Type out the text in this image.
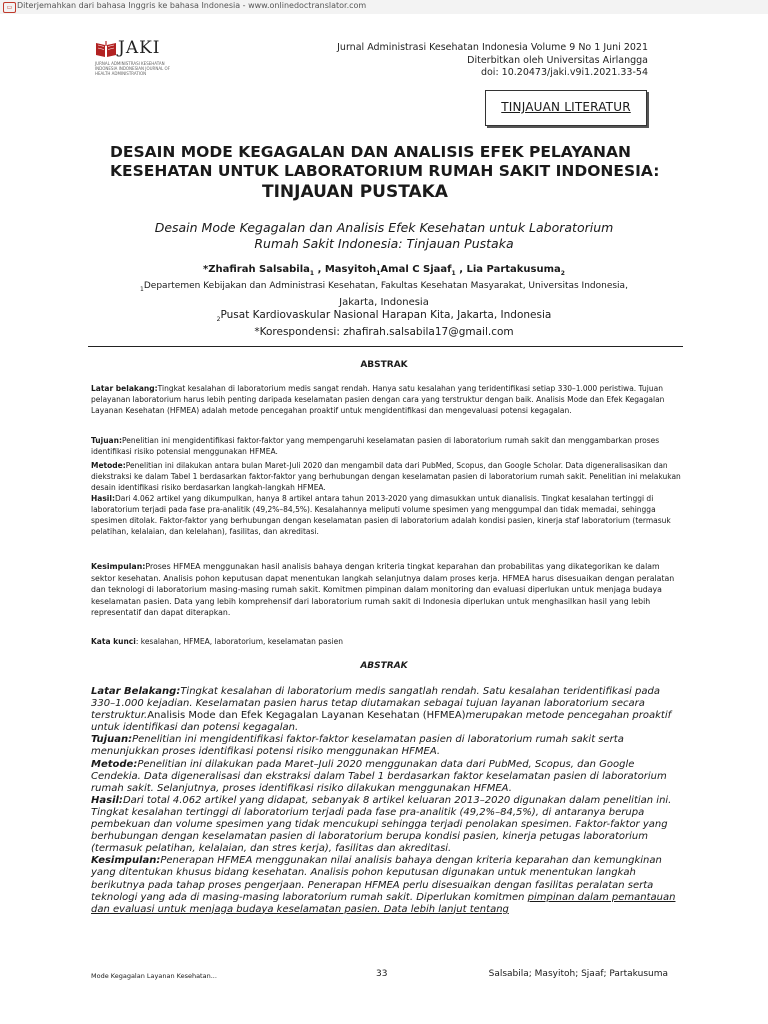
▭ Diterjemahkan dari bahasa Inggris ke bahasa Indonesia - www.onlinedoctranslator.com
JAKI
JURNAL ADMINISTRASI KESEHATAN INDONESIA INDONESIAN JOURNAL OF HEALTH ADMINISTRATION
Jurnal Administrasi Kesehatan Indonesia Volume 9 No 1 Juni 2021
Diterbitkan oleh Universitas Airlangga
doi: 10.20473/jaki.v9i1.2021.33-54
TINJAUAN LITERATUR
DESAIN MODE KEGAGALAN DAN ANALISIS EFEK PELAYANAN
KESEHATAN UNTUK LABORATORIUM RUMAH SAKIT INDONESIA:

TINJAUAN PUSTAKA
Desain Mode Kegagalan dan Analisis Efek Kesehatan untuk Laboratorium
Rumah Sakit Indonesia: Tinjauan Pustaka
*Zhafirah Salsabila$_1$ , Masyitoh$_1$Amal C Sjaaf$_1$ , Lia Partakusuma$_2$
$_1$Departemen Kebijakan dan Administrasi Kesehatan, Fakultas Kesehatan Masyarakat, Universitas Indonesia,
Jakarta, Indonesia
$_2$Pusat Kardiovaskular Nasional Harapan Kita, Jakarta, Indonesia
*Korespondensi: zhafirah.salsabila17@gmail.com
ABSTRAK
Latar belakang:Tingkat kesalahan di laboratorium medis sangat rendah. Hanya satu kesalahan yang teridentifikasi setiap 330–1.000 peristiwa. Tujuan pelayanan laboratorium harus lebih penting daripada keselamatan pasien dengan cara yang terstruktur dengan baik. Analisis Mode dan Efek Kegagalan Layanan Kesehatan (HFMEA) adalah metode pencegahan proaktif untuk mengidentifikasi dan mengevaluasi potensi kegagalan.
Tujuan:Penelitian ini mengidentifikasi faktor-faktor yang mempengaruhi keselamatan pasien di laboratorium rumah sakit dan menggambarkan proses identifikasi risiko potensial menggunakan HFMEA.
Metode:Penelitian ini dilakukan antara bulan Maret-Juli 2020 dan mengambil data dari PubMed, Scopus, dan Google Scholar. Data digeneralisasikan dan diekstraksi ke dalam Tabel 1 berdasarkan faktor-faktor yang berhubungan dengan keselamatan pasien di laboratorium rumah sakit. Penelitian ini melakukan desain identifikasi risiko berdasarkan langkah-langkah HFMEA.
Hasil:Dari 4.062 artikel yang dikumpulkan, hanya 8 artikel antara tahun 2013-2020 yang dimasukkan untuk dianalisis. Tingkat kesalahan tertinggi di laboratorium terjadi pada fase pra-analitik (49,2%–84,5%). Kesalahannya meliputi volume spesimen yang menggumpal dan tidak memadai, sehingga spesimen ditolak. Faktor-faktor yang berhubungan dengan keselamatan pasien di laboratorium adalah kondisi pasien, kinerja staf laboratorium (termasuk pelatihan, kelalaian, dan kelelahan), fasilitas, dan akreditasi.
Kesimpulan:Proses HFMEA menggunakan hasil analisis bahaya dengan kriteria tingkat keparahan dan probabilitas yang dikategorikan ke dalam sektor kesehatan. Analisis pohon keputusan dapat menentukan langkah selanjutnya dalam proses kerja. HFMEA harus disesuaikan dengan peralatan dan teknologi di laboratorium masing-masing rumah sakit. Komitmen pimpinan dalam monitoring dan evaluasi diperlukan untuk menjaga budaya keselamatan pasien. Data yang lebih komprehensif dari laboratorium rumah sakit di Indonesia diperlukan untuk menghasilkan hasil yang lebih representatif dan dapat diterapkan.
Kata kunci: kesalahan, HFMEA, laboratorium, keselamatan pasien
ABSTRAK
Latar Belakang:Tingkat kesalahan di laboratorium medis sangatlah rendah. Satu kesalahan teridentifikasi pada 330–1.000 kejadian. Keselamatan pasien harus tetap diutamakan sebagai tujuan layanan laboratorium secara terstruktur.Analisis Mode dan Efek Kegagalan Layanan Kesehatan (HFMEA)merupakan metode pencegahan proaktif untuk identifikasi dan potensi kegagalan.
Tujuan:Penelitian ini mengidentifikasi faktor-faktor keselamatan pasien di laboratorium rumah sakit serta menunjukkan proses identifikasi potensi risiko menggunakan HFMEA.
Metode:Penelitian ini dilakukan pada Maret–Juli 2020 menggunakan data dari PubMed, Scopus, dan Google Cendekia. Data digeneralisasi dan ekstraksi dalam Tabel 1 berdasarkan faktor keselamatan pasien di laboratorium rumah sakit. Selanjutnya, proses identifikasi risiko dilakukan menggunakan HFMEA.
Hasil:Dari total 4.062 artikel yang didapat, sebanyak 8 artikel keluaran 2013–2020 digunakan dalam penelitian ini. Tingkat kesalahan tertinggi di laboratorium terjadi pada fase pra-analitik (49,2%–84,5%), di antaranya berupa pembekuan dan volume spesimen yang tidak mencukupi sehingga terjadi penolakan spesimen. Faktor-faktor yang berhubungan dengan keselamatan pasien di laboratorium berupa kondisi pasien, kinerja petugas laboratorium (termasuk pelatihan, kelalaian, dan stres kerja), fasilitas dan akreditasi.
Kesimpulan:Penerapan HFMEA menggunakan nilai analisis bahaya dengan kriteria keparahan dan kemungkinan yang ditentukan khusus bidang kesehatan. Analisis pohon keputusan digunakan untuk menentukan langkah berikutnya pada tahap proses pengerjaan. Penerapan HFMEA perlu disesuaikan dengan fasilitas peralatan serta teknologi yang ada di masing-masing laboratorium rumah sakit. Diperlukan komitmen pimpinan dalam pemantauan dan evaluasi untuk menjaga budaya keselamatan pasien. Data lebih lanjut tentang
Mode Kegagalan Layanan Kesehatan...	33	Salsabila; Masyitoh; Sjaaf; Partakusuma
